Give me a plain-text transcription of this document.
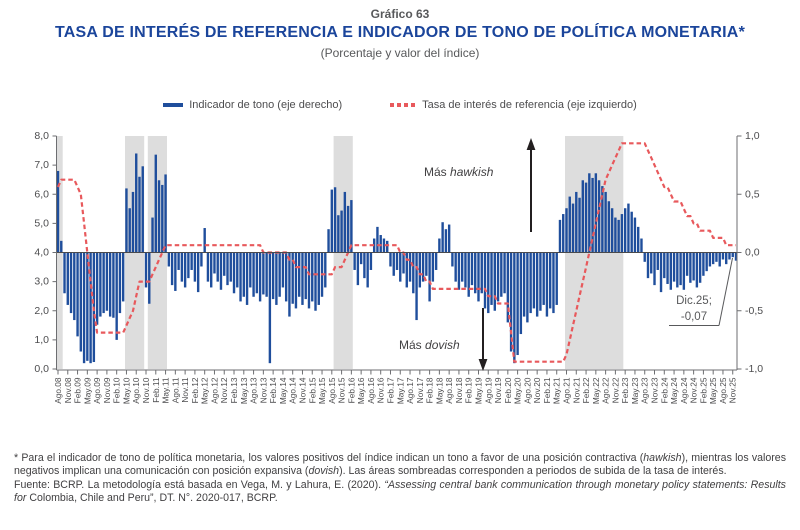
Gráfico 63
TASA DE INTERÉS DE REFERENCIA E INDICADOR DE TONO DE POLÍTICA MONETARIA*
(Porcentaje y valor del índice)
Indicador de tono (eje derecho)	Tasa de interés de referencia (eje izquierdo)
8,0
7,0
6,0
5,0
4,0
3,0
2,0
1,0
0,0
1,0
0,5
0,0
-0,5
-1,0
Ago.08 Nov.08 Feb.09 May.09 Ago.09 Nov.09 Feb.10 May.10 Ago.10 Nov.10 Feb.11 May.11 Ago.11 Nov.11 Feb.12 May.12 Ago.12 Nov.12 Feb.13 May.13 Ago.13 Nov.13 Feb.14 May.14 Ago.14 Nov.14 Feb.15 May.15 Ago.15 Nov.15 Feb.16 May.16 Ago.16 Nov.16 Feb.17 May.17 Ago.17 Nov.17 Feb.18 May.18 Ago.18 Nov.18 Feb.19 May.19 Ago.19 Nov.19 Feb.20 May.20 Ago.20 Nov.20 Feb.21 May.21 Ago.21 Nov.21 Feb.22 May.22 Ago.22 Nov.22 Feb.23 May.23 Ago.23 Nov.23 Feb.24 May.24 Ago.24 Nov.24 Feb.25 May.25 Ago.25 Nov.25
Más hawkish
Más dovish
Dic.25;
-0,07

* Para el indicador de tono de política monetaria, los valores positivos del índice indican un tono a favor de una posición contractiva (hawkish), mientras los valores negativos implican una comunicación con posición expansiva (dovish). Las áreas sombreadas corresponden a periodos de subida de la tasa de interés.

Fuente: BCRP. La metodología está basada en Vega, M. y Lahura, E. (2020). “Assessing central bank communication through monetary policy statements: Results for Colombia, Chile and Peru”, DT. N°. 2020-017, BCRP.
